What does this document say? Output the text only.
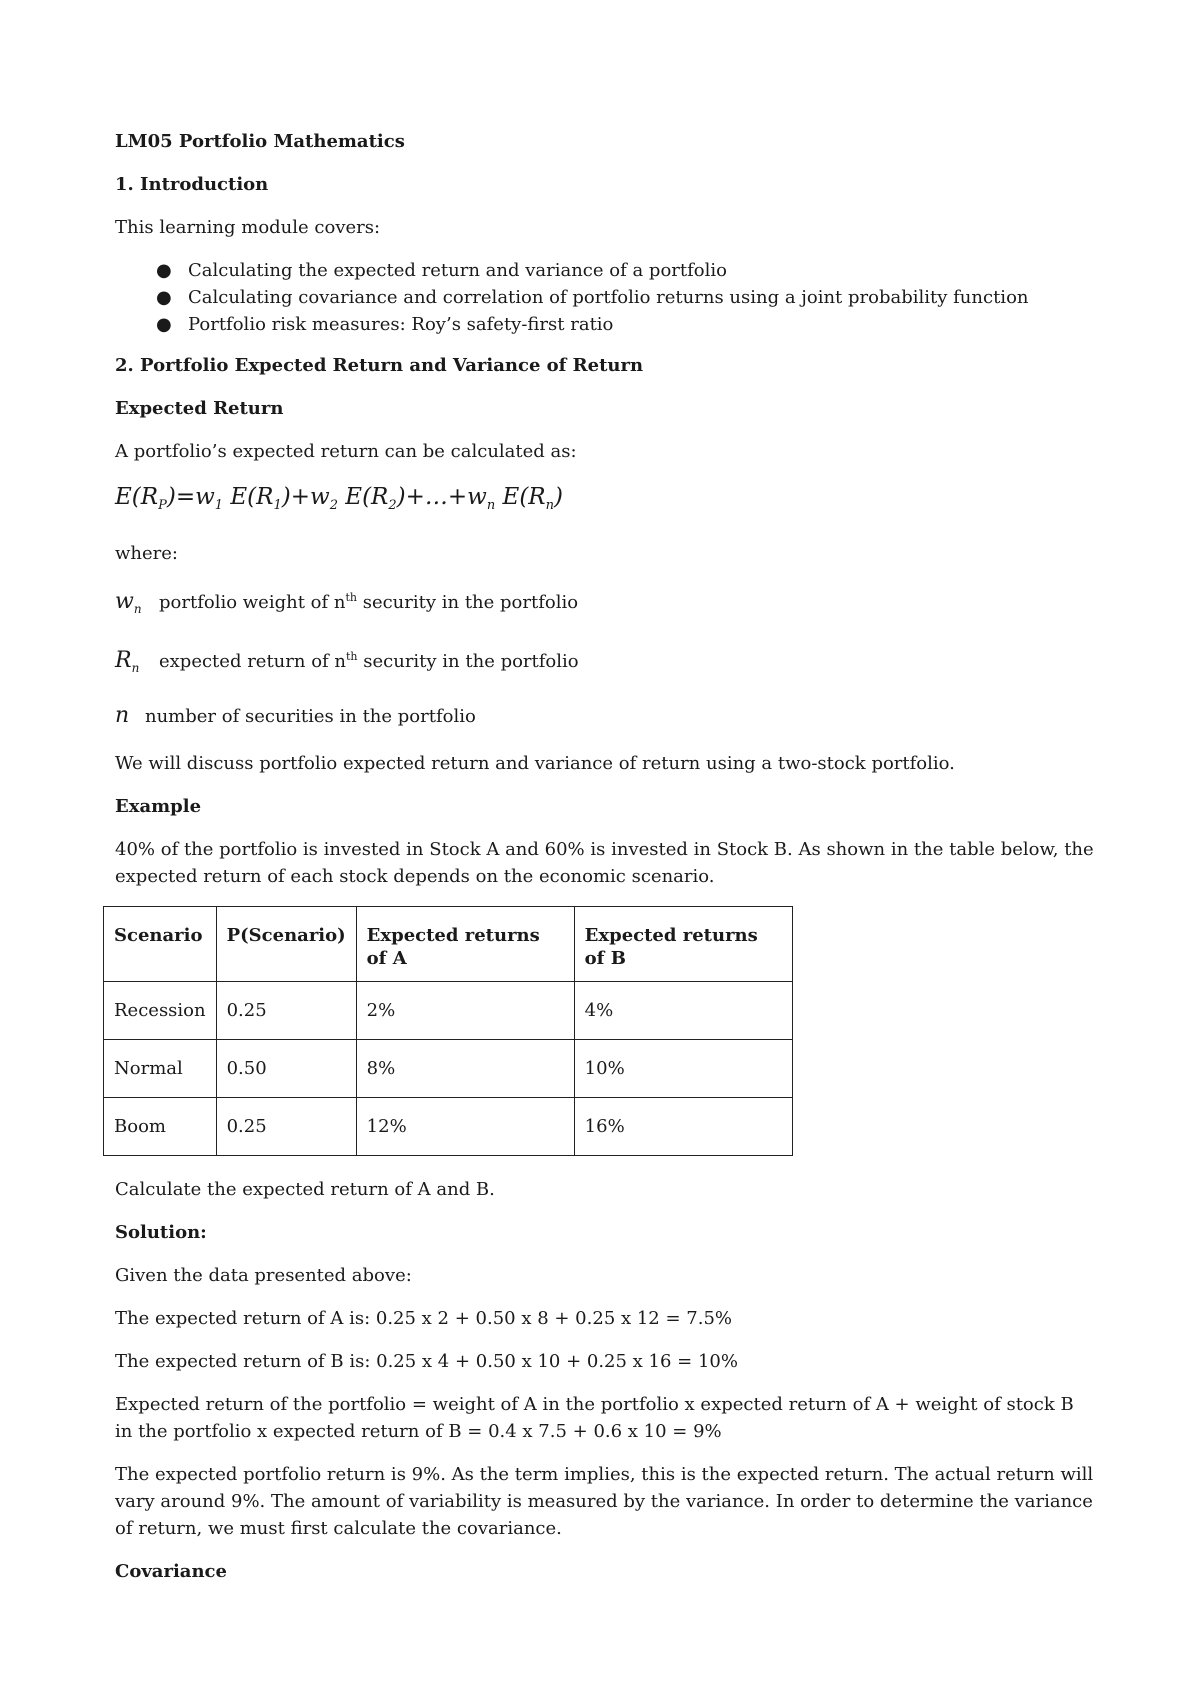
LM05 Portfolio Mathematics

1. Introduction

This learning module covers:

● Calculating the expected return and variance of a portfolio
● Calculating covariance and correlation of portfolio returns using a joint probability function
● Portfolio risk measures: Roy’s safety-first ratio

2. Portfolio Expected Return and Variance of Return

Expected Return

A portfolio’s expected return can be calculated as:

$E(R_P)=w_1$ $E(R_1)+w_2$ $E(R_2)+\dots+w_n$ $E(R_n)$

where:

$w_n$ portfolio weight of $n^{th}$ security in the portfolio
$R_n$ expected return of $n^{th}$ security in the portfolio
n number of securities in the portfolio

We will discuss portfolio expected return and variance of return using a two-stock portfolio.

Example

40% of the portfolio is invested in Stock A and 60% is invested in Stock B. As shown in the table below, the expected return of each stock depends on the economic scenario.

Scenario	P(Scenario)	Expected returns of A	Expected returns of B
Recession	0.25	2%	4%
Normal	0.50	8%	10%
Boom	0.25	12%	16%

Calculate the expected return of A and B.

Solution:

Given the data presented above:

The expected return of A is: 0.25 x 2 + 0.50 x 8 + 0.25 x 12 = 7.5%

The expected return of B is: 0.25 x 4 + 0.50 x 10 + 0.25 x 16 = 10%

Expected return of the portfolio = weight of A in the portfolio x expected return of A + weight of stock B in the portfolio x expected return of B = 0.4 x 7.5 + 0.6 x 10 = 9%

The expected portfolio return is 9%. As the term implies, this is the expected return. The actual return will vary around 9%. The amount of variability is measured by the variance. In order to determine the variance of return, we must first calculate the covariance.

Covariance
